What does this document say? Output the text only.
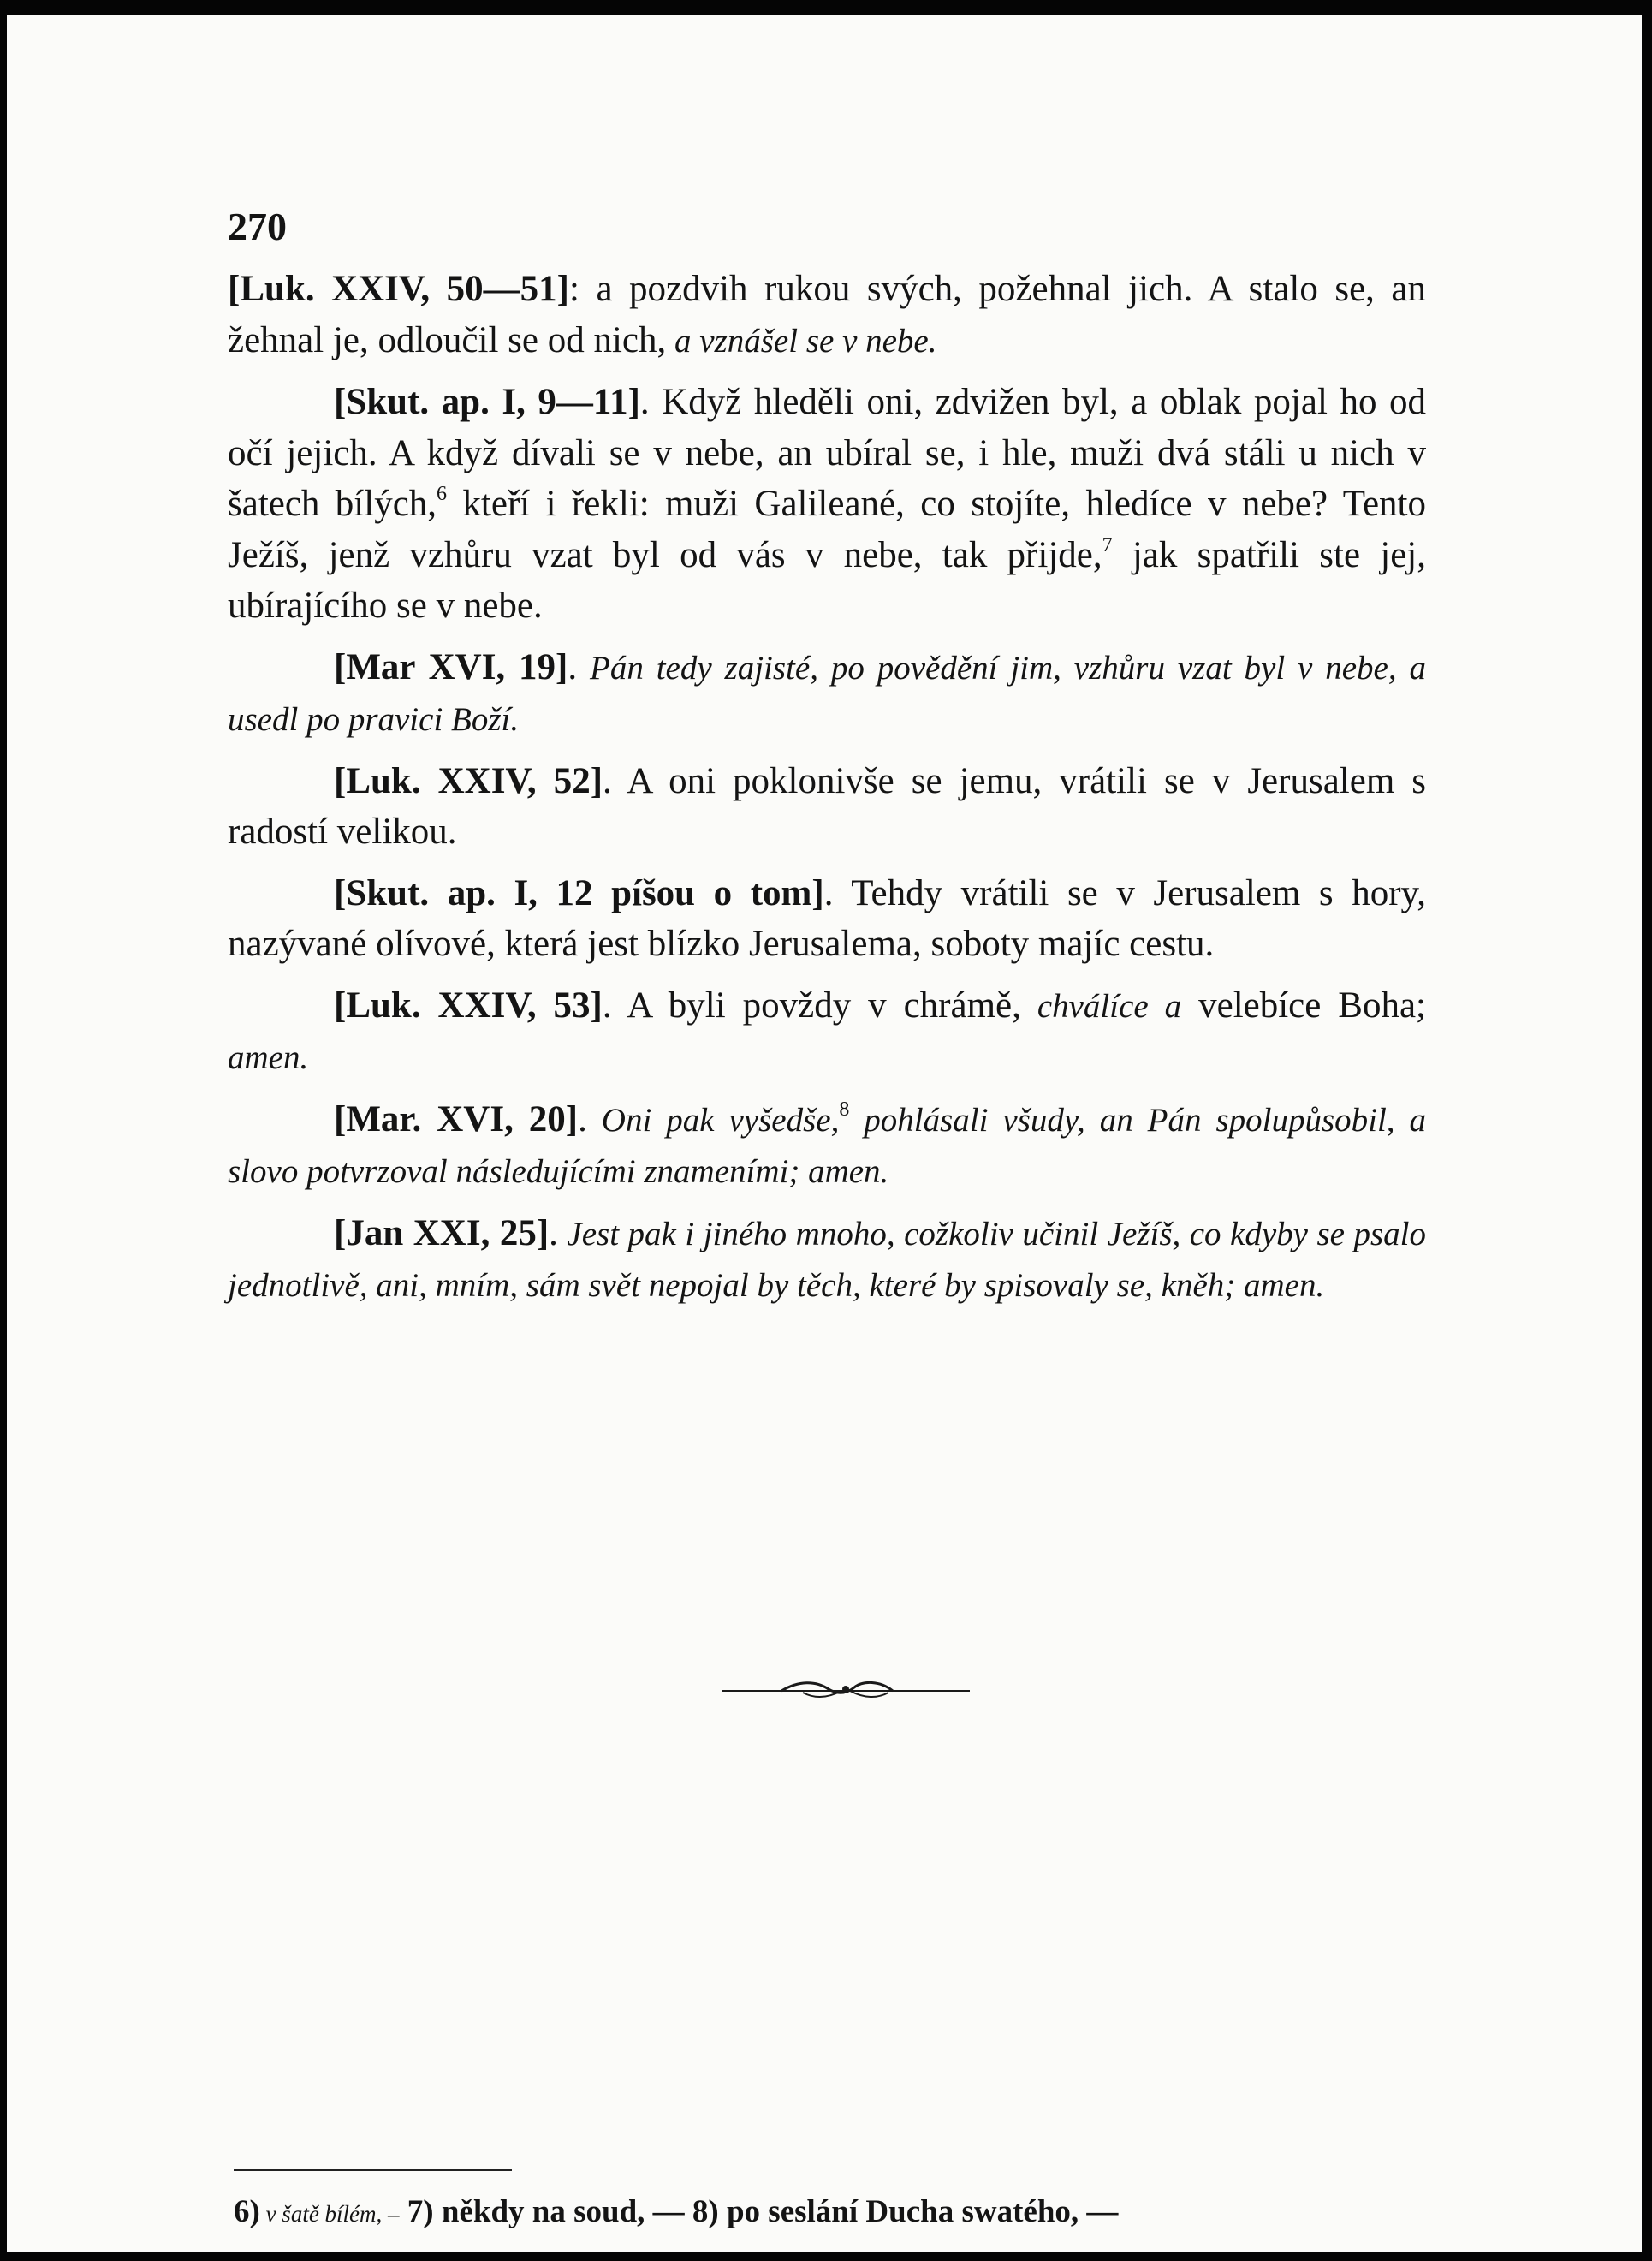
270

[Luk. XXIV, 50—51]: a pozdvih rukou svých, požehnal jich. A stalo se, an žehnal je, odloučil se od nich, a vznášel se v nebe.

[Skut. ap. I, 9—11]. Když hleděli oni, zdvižen byl, a oblak pojal ho od očí jejich. A když dívali se v nebe, an ubíral se, i hle, muži dvá stáli u nich v šatech bílých,$^6$ kteří i řekli: muži Galileané, co stojíte, hledíce v nebe? Tento Ježíš, jenž vzhůru vzat byl od vás v nebe, tak přijde,$^7$ jak spatřili ste jej, ubírajícího se v nebe.

[Mar XVI, 19]. Pán tedy zajisté, po povědění jim, vzhůru vzat byl v nebe, a usedl po pravici Boží.

[Luk. XXIV, 52]. A oni poklonivše se jemu, vrátili se v Jerusalem s radostí velikou.

[Skut. ap. I, 12 píšou o tom]. Tehdy vrátili se v Jerusalem s hory, nazývané olívové, která jest blízko Jerusalema, soboty majíc cestu.

[Luk. XXIV, 53]. A byli povždy v chrámě, chválíce a velebíce Boha; amen.

[Mar. XVI, 20]. Oni pak vyšedše,$^8$ pohlásali všudy, an Pán spolupůsobil, a slovo potvrzoval následujícími znameními; amen.

[Jan XXI, 25]. Jest pak i jiného mnoho, cožkoliv učinil Ježíš, co kdyby se psalo jednotlivě, ani, mním, sám svět nepojal by těch, které by spisovaly se, kněh; amen.

6) v šatě bílém, – 7) někdy na soud, — 8) po seslání Ducha swatého, —
